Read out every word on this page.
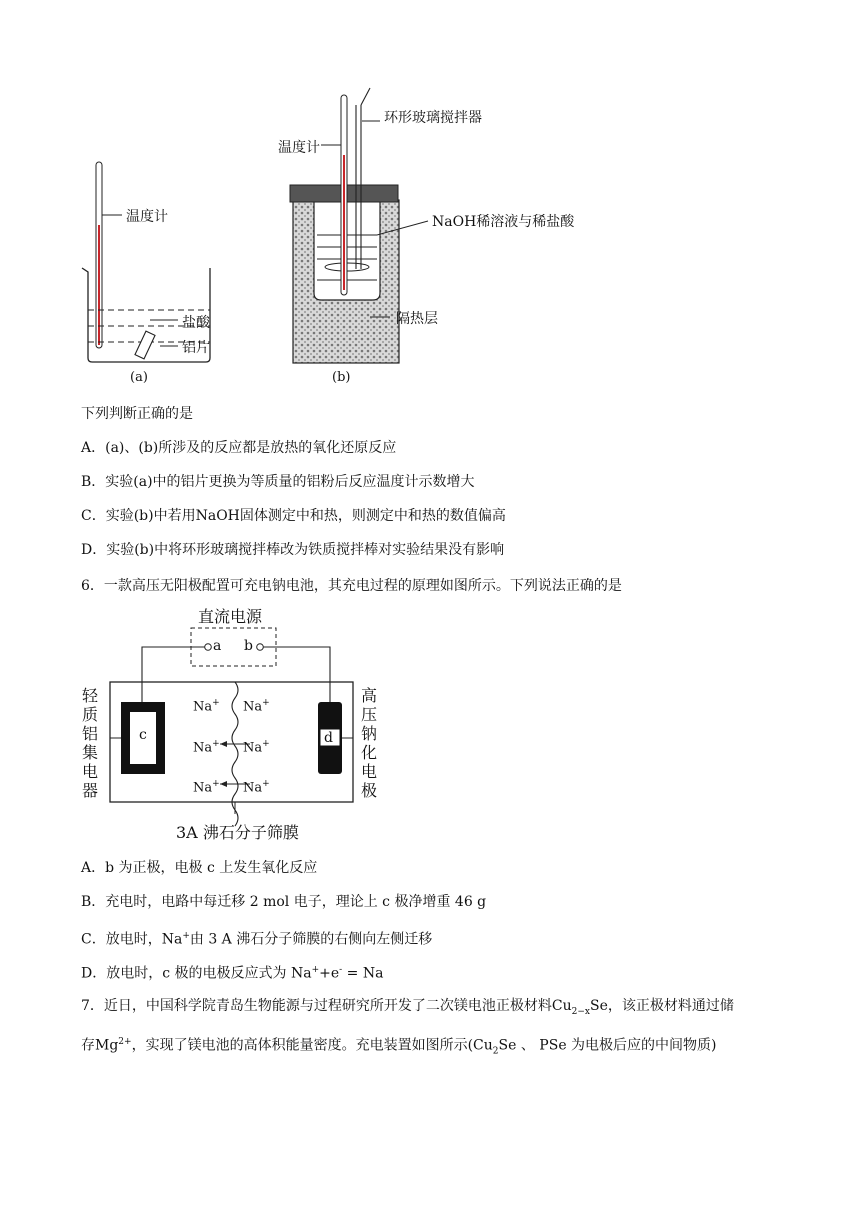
温度计
盐酸
铝片
(a)
环形玻璃搅拌器
温度计
NaOH稀溶液与稀盐酸
隔热层
(b)
下列判断正确的是
A．(a)、(b)所涉及的反应都是放热的氧化还原反应
B．实验(a)中的铝片更换为等质量的铝粉后反应温度计示数增大
C．实验(b)中若用NaOH固体测定中和热，则测定中和热的数值偏高
D．实验(b)中将环形玻璃搅拌棒改为铁质搅拌棒对实验结果没有影响
6．一款高压无阳极配置可充电钠电池，其充电过程的原理如图所示。下列说法正确的是
直流电源
a b
c	d
轻质铝集电器
高压钠化电极
Na+ Na+
Na+ Na+
Na+ Na+
3A 沸石分子筛膜
A．b 为正极，电极 c 上发生氧化反应
B．充电时，电路中每迁移 2 mol 电子，理论上 c 极净增重 46 g
C．放电时，Na+由 3 A 沸石分子筛膜的右侧向左侧迁移
D．放电时，c 极的电极反应式为 Na++e- = Na
7．近日，中国科学院青岛生物能源与过程研究所开发了二次镁电池正极材料$Cu_{2-x}Se$，该正极材料通过储
存$Mg^{2+}$，实现了镁电池的高体积能量密度。充电装置如图所示($Cu_2Se$ 、 PSe 为电极后应的中间物质)
